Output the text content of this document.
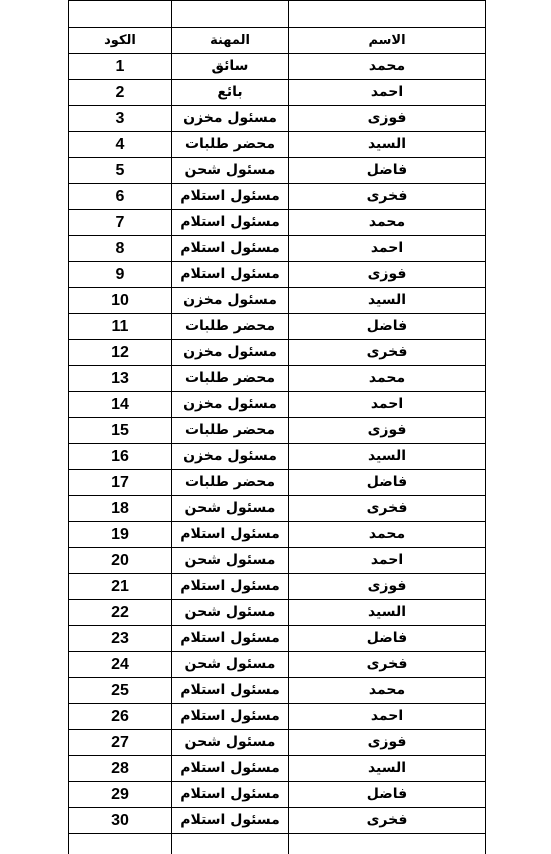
الكود	المهنة	الاسم
1	سائق	محمد
2	بائع	احمد
3	مسئول مخزن	فوزى
4	محضر طلبات	السيد
5	مسئول شحن	فاضل
6	مسئول استلام	فخرى
7	مسئول استلام	محمد
8	مسئول استلام	احمد
9	مسئول استلام	فوزى
10	مسئول مخزن	السيد
11	محضر طلبات	فاضل
12	مسئول مخزن	فخرى
13	محضر طلبات	محمد
14	مسئول مخزن	احمد
15	محضر طلبات	فوزى
16	مسئول مخزن	السيد
17	محضر طلبات	فاضل
18	مسئول شحن	فخرى
19	مسئول استلام	محمد
20	مسئول شحن	احمد
21	مسئول استلام	فوزى
22	مسئول شحن	السيد
23	مسئول استلام	فاضل
24	مسئول شحن	فخرى
25	مسئول استلام	محمد
26	مسئول استلام	احمد
27	مسئول شحن	فوزى
28	مسئول استلام	السيد
29	مسئول استلام	فاضل
30	مسئول استلام	فخرى
